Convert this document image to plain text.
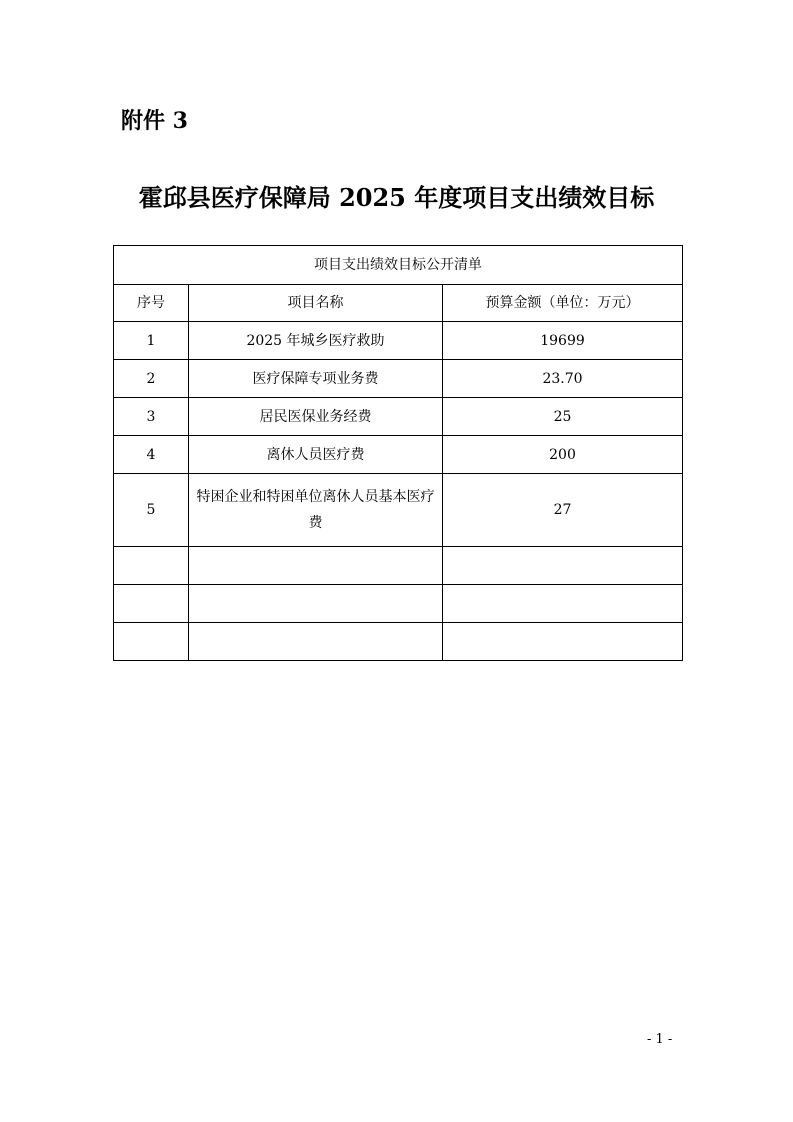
附件 3
霍邱县医疗保障局 2025 年度项目支出绩效目标
项目支出绩效目标公开清单		
序号	项目名称	预算金额（单位：万元）
1	2025 年城乡医疗救助	19699
2	医疗保障专项业务费	23.70
3	居民医保业务经费	25
4	离休人员医疗费	200
5	特困企业和特困单位离休人员基本医疗费	27

- 1 -
